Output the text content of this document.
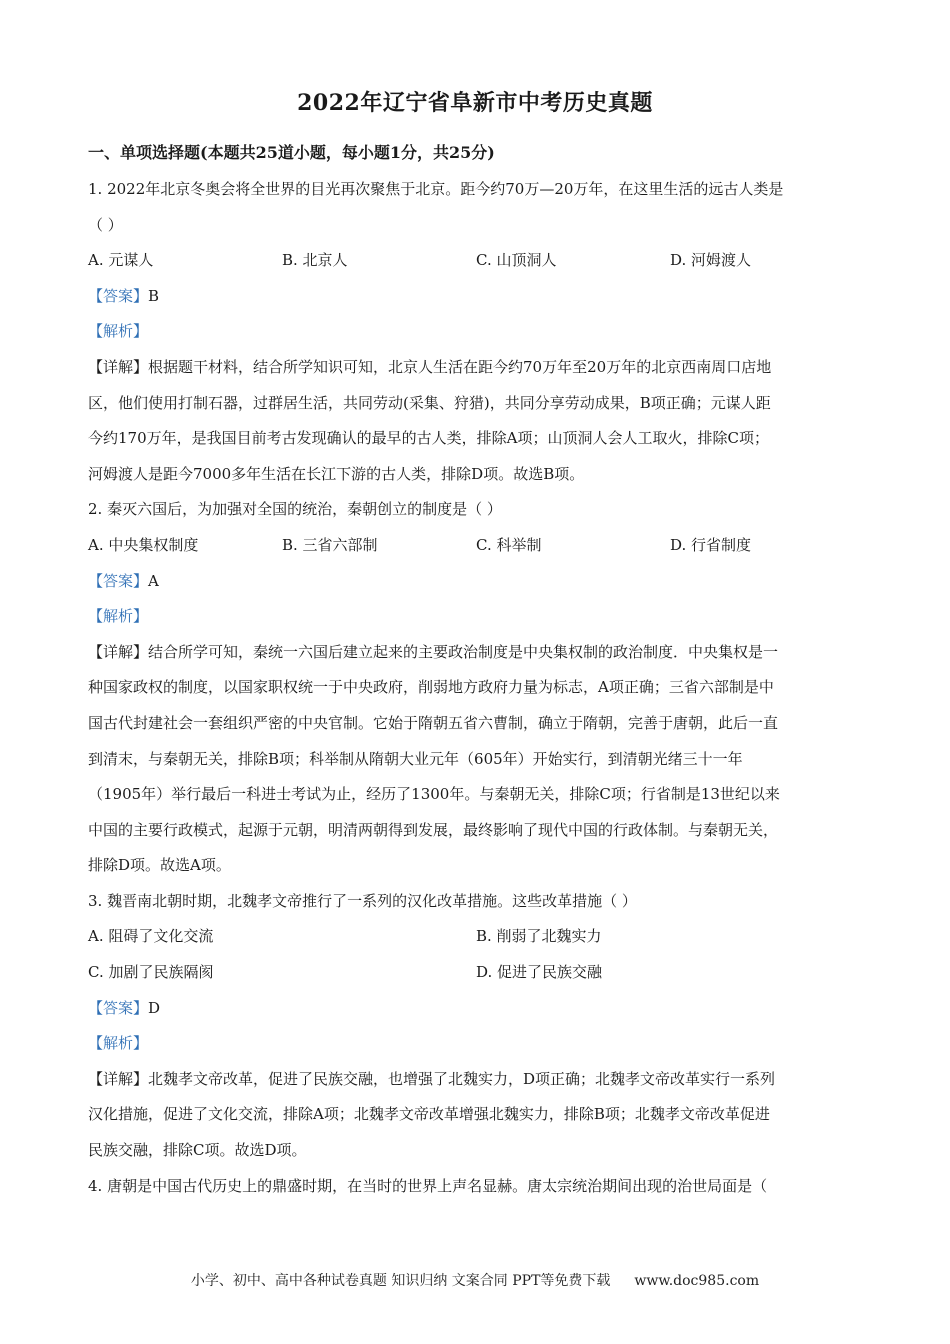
2022年辽宁省阜新市中考历史真题
一、单项选择题(本题共25道小题，每小题1分，共25分)

1. 2022年北京冬奥会将全世界的目光再次聚焦于北京。距今约70万—20万年，在这里生活的远古人类是

（ ）

A. 元谋人	B. 北京人	C. 山顶洞人	D. 河姆渡人

【答案】B

【解析】

【详解】根据题干材料，结合所学知识可知，北京人生活在距今约70万年至20万年的北京西南周口店地

区，他们使用打制石器，过群居生活，共同劳动(采集、狩猎)，共同分享劳动成果，B项正确；元谋人距

今约170万年，是我国目前考古发现确认的最早的古人类，排除A项；山顶洞人会人工取火，排除C项；

河姆渡人是距今7000多年生活在长江下游的古人类，排除D项。故选B项。

2. 秦灭六国后，为加强对全国的统治，秦朝创立的制度是（ ）

A. 中央集权制度	B. 三省六部制	C. 科举制	D. 行省制度

【答案】A

【解析】

【详解】结合所学可知，秦统一六国后建立起来的主要政治制度是中央集权制的政治制度．中央集权是一

种国家政权的制度，以国家职权统一于中央政府，削弱地方政府力量为标志，A项正确；三省六部制是中

国古代封建社会一套组织严密的中央官制。它始于隋朝五省六曹制，确立于隋朝，完善于唐朝，此后一直

到清末，与秦朝无关，排除B项；科举制从隋朝大业元年（605年）开始实行，到清朝光绪三十一年

（1905年）举行最后一科进士考试为止，经历了1300年。与秦朝无关，排除C项；行省制是13世纪以来

中国的主要行政模式，起源于元朝，明清两朝得到发展，最终影响了现代中国的行政体制。与秦朝无关，

排除D项。故选A项。

3. 魏晋南北朝时期，北魏孝文帝推行了一系列的汉化改革措施。这些改革措施（ ）

A. 阻碍了文化交流	B. 削弱了北魏实力

C. 加剧了民族隔阂	D. 促进了民族交融

【答案】D

【解析】

【详解】北魏孝文帝改革，促进了民族交融，也增强了北魏实力，D项正确；北魏孝文帝改革实行一系列

汉化措施，促进了文化交流，排除A项；北魏孝文帝改革增强北魏实力，排除B项；北魏孝文帝改革促进

民族交融，排除C项。故选D项。

4. 唐朝是中国古代历史上的鼎盛时期，在当时的世界上声名显赫。唐太宗统治期间出现的治世局面是（

小学、初中、高中各种试卷真题 知识归纳 文案合同 PPT等免费下载 www.doc985.com
